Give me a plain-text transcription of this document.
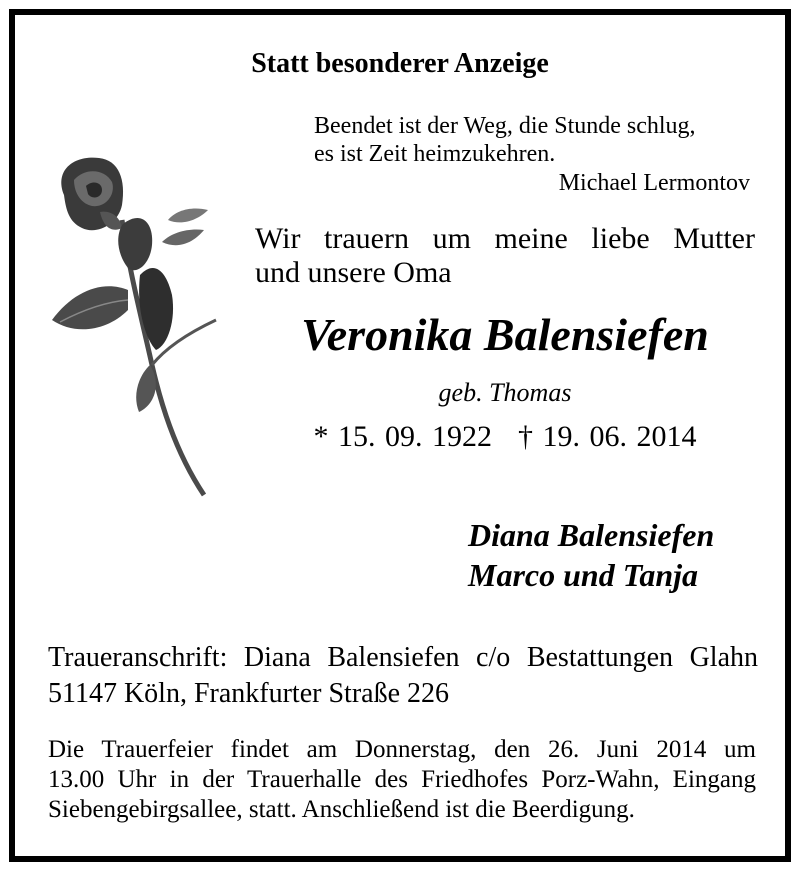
Statt besonderer Anzeige
Beendet ist der Weg, die Stunde schlug,
es ist Zeit heimzukehren.
Michael Lermontov
Wir trauern um meine liebe Mutter
und unsere Oma
Veronika Balensiefen
geb. Thomas
* 15. 09. 1922 † 19. 06. 2014
Diana Balensiefen
Marco und Tanja
Traueranschrift: Diana Balensiefen c/o Bestattungen Glahn
51147 Köln, Frankfurter Straße 226
Die Trauerfeier findet am Donnerstag, den 26. Juni 2014 um
13.00 Uhr in der Trauerhalle des Friedhofes Porz-Wahn, Eingang
Siebengebirgsallee, statt. Anschließend ist die Beerdigung.
